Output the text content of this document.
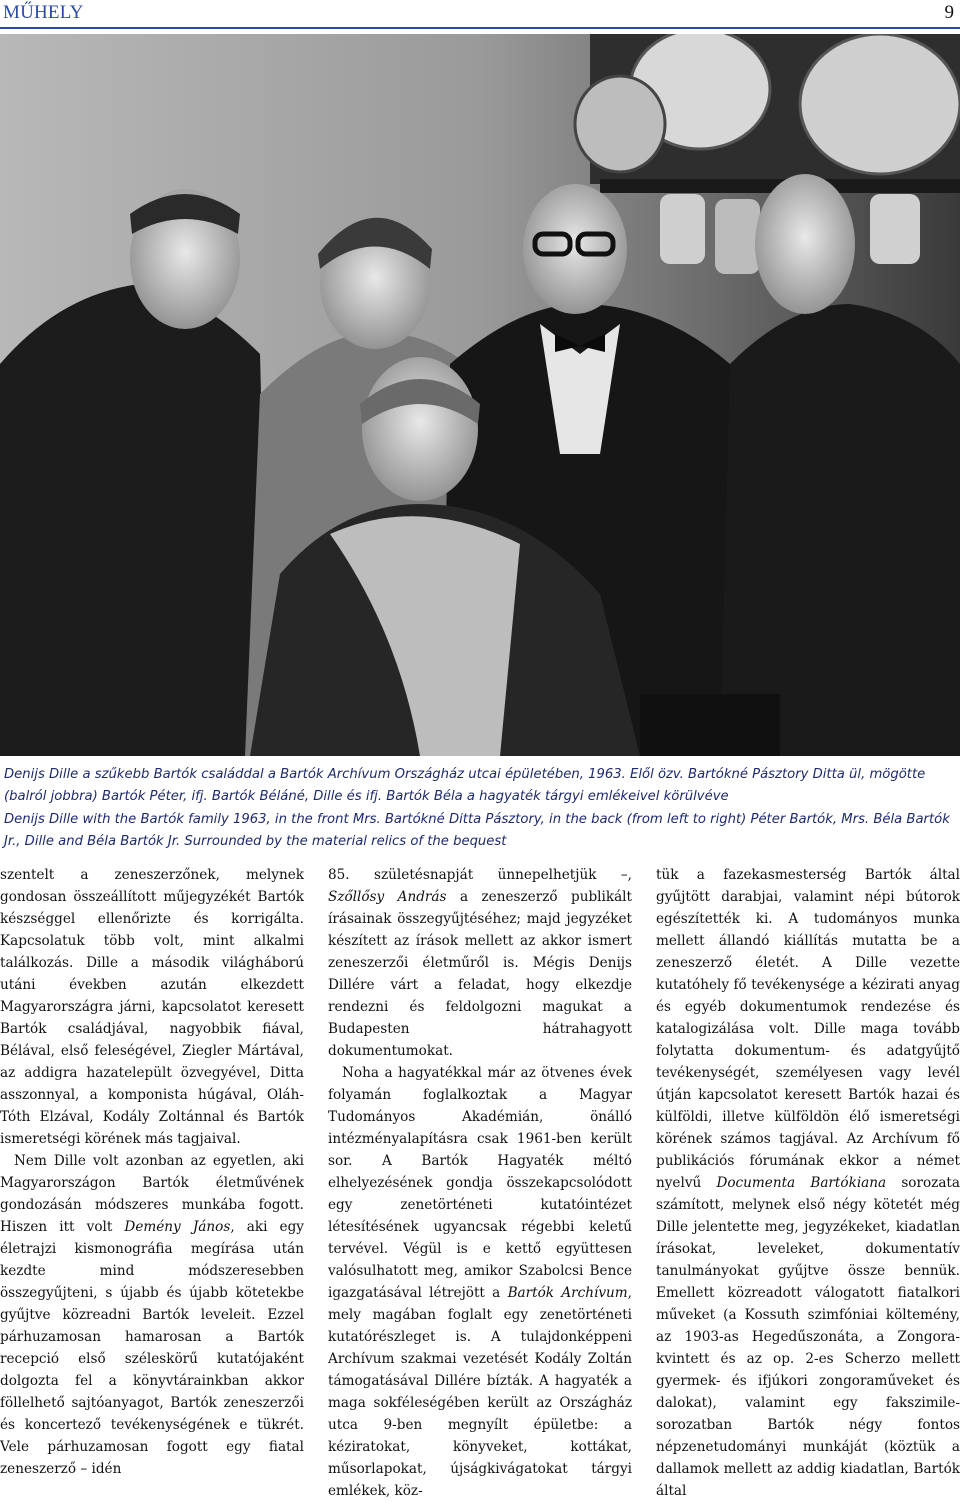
MŰHELY	9

Denijs Dille a szűkebb Bartók családdal a Bartók Archívum Országház utcai épületében, 1963. Elől özv. Bartókné Pásztory Ditta ül, mögötte (balról jobbra) Bartók Péter, ifj. Bartók Béláné, Dille és ifj. Bartók Béla a hagyaték tárgyi emlékeivel körülvéve

Denijs Dille with the Bartók family 1963, in the front Mrs. Bartókné Ditta Pásztory, in the back (from left to right) Péter Bartók, Mrs. Béla Bartók Jr., Dille and Béla Bartók Jr. Surrounded by the material relics of the bequest

szentelt a zeneszerzőnek, melynek gondosan összeállított műjegyzékét Bartók készséggel ellenőrizte és korrigálta. Kapcsolatuk több volt, mint alkalmi találkozás. Dille a második világháború utáni években azután elkezdett Magyarországra járni, kapcsolatot keresett Bartók családjával, nagyobbik fiával, Bélával, első feleségével, Ziegler Mártával, az addigra hazatelepült özvegyével, Ditta asszonnyal, a komponista húgával, Oláh-Tóth Elzával, Kodály Zoltánnal és Bartók ismeretségi körének más tagjaival.

Nem Dille volt azonban az egyetlen, aki Magyarországon Bartók életművének gondozásán módszeres munkába fogott. Hiszen itt volt Demény János, aki egy életrajzi kismonográfia megírása után kezdte mind módszeresebben összegyűjteni, s újabb és újabb kötetekbe gyűjtve közreadni Bartók leveleit. Ezzel párhuzamosan hamarosan a Bartók recepció első széleskörű kutatójaként dolgozta fel a könyvtárainkban akkor föllelhető sajtóanyagot, Bartók zeneszerzői és koncertező tevékenységének e tükrét. Vele párhuzamosan fogott egy fiatal zeneszerző – idén

85. születésnapját ünnepelhetjük –, Szőllősy András a zeneszerző publikált írásainak összegyűjtéséhez; majd jegyzéket készített az írások mellett az akkor ismert zeneszerzői életműről is. Mégis Denijs Dillére várt a feladat, hogy elkezdje rendezni és feldolgozni magukat a Budapesten hátrahagyott dokumentumokat.

Noha a hagyatékkal már az ötvenes évek folyamán foglalkoztak a Magyar Tudományos Akadémián, önálló intézményalapításra csak 1961-ben került sor. A Bartók Hagyaték méltó elhelyezésének gondja összekapcsolódott egy zenetörténeti kutatóintézet létesítésének ugyancsak régebbi keletű tervével. Végül is e kettő együttesen valósulhatott meg, amikor Szabolcsi Bence igazgatásával létrejött a Bartók Archívum, mely magában foglalt egy zenetörténeti kutatórészleget is. A tulajdonképpeni Archívum szakmai vezetését Kodály Zoltán támogatásával Dillére bízták. A hagyaték a maga sokféleségében került az Országház utca 9-ben megnyílt épületbe: a kéziratokat, könyveket, kottákat, műsorlapokat, újságkivágatokat tárgyi emlékek, köz-

tük a fazekasmesterség Bartók által gyűjtött darabjai, valamint népi bútorok egészítették ki. A tudományos munka mellett állandó kiállítás mutatta be a zeneszerző életét. A Dille vezette kutatóhely fő tevékenysége a kézirati anyag és egyéb dokumentumok rendezése és katalogizálása volt. Dille maga tovább folytatta dokumentum- és adatgyűjtő tevékenységét, személyesen vagy levél útján kapcsolatot keresett Bartók hazai és külföldi, illetve külföldön élő ismeretségi körének számos tagjával. Az Archívum fő publikációs fórumának ekkor a német nyelvű Documenta Bartókiana sorozata számított, melynek első négy kötetét még Dille jelentette meg, jegyzékeket, kiadatlan írásokat, leveleket, dokumentatív tanulmányokat gyűjtve össze bennük. Emellett közreadott válogatott fiatalkori műveket (a Kossuth szimfóniai költemény, az 1903-as Hegedűszonáta, a Zongora-kvintett és az op. 2-es Scherzo mellett gyermek- és ifjúkori zongoraműveket és dalokat), valamint egy fakszimile-sorozatban Bartók négy fontos népzenetudományi munkáját (köztük a dallamok mellett az addig kiadatlan, Bartók által
